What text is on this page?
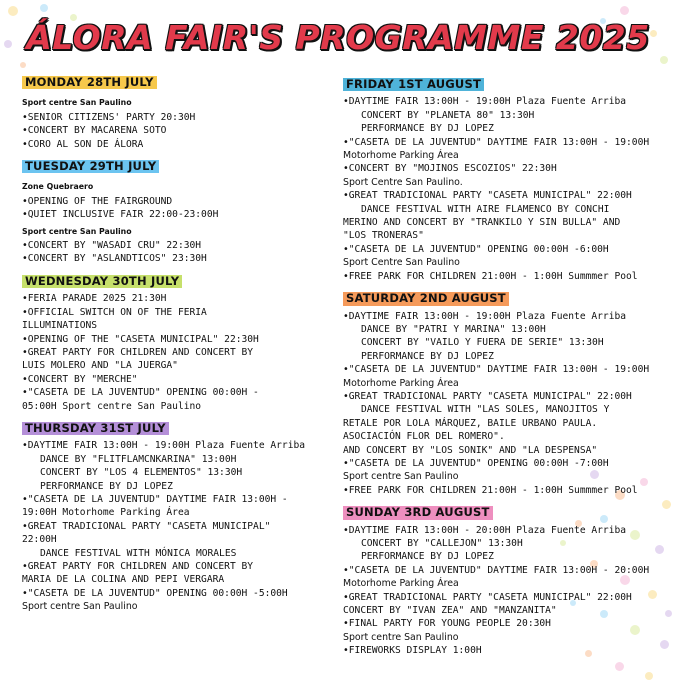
ÁLORA FAIR'S PROGRAMME 2025
MONDAY 28TH JULY
Sport centre San Paulino
• SENIOR CITIZENS' PARTY 20:30H
• CONCERT BY MACARENA SOTO
• CORO AL SON DE ÁLORA
TUESDAY 29TH JULY
Zone Quebraero
• OPENING OF THE FAIRGROUND
• QUIET INCLUSIVE FAIR 22:00-23:00H
Sport centre San Paulino
• CONCERT BY "WASADI CRU" 22:30H
• CONCERT BY "ASLANDTICOS" 23:30H
WEDNESDAY 30TH JULY
• FERIA PARADE 2025 21:30H
• OFFICIAL SWITCH ON OF THE FERIA
ILLUMINATIONS
• OPENING OF THE "CASETA MUNICIPAL" 22:30H
• GREAT PARTY FOR CHILDREN AND CONCERT BY
LUIS MOLERO AND "LA JUERGA"
• CONCERT BY "MERCHE"
• "CASETA DE LA JUVENTUD" OPENING 00:00H -
05:00H Sport centre San Paulino
THURSDAY 31ST JULY
• DAYTIME FAIR 13:00H - 19:00H Plaza Fuente Arriba
DANCE BY "FLITFLAMCNKARINA" 13:00H
CONCERT BY "LOS 4 ELEMENTOS" 13:30H
PERFORMANCE BY DJ LOPEZ
• "CASETA DE LA JUVENTUD" DAYTIME FAIR 13:00H -
19:00H Motorhome Parking Área
• GREAT TRADICIONAL PARTY "CASETA MUNICIPAL"
22:00H
DANCE FESTIVAL WITH MÓNICA MORALES
• GREAT PARTY FOR CHILDREN AND CONCERT BY
MARIA DE LA COLINA AND PEPI VERGARA
• "CASETA DE LA JUVENTUD" OPENING 00:00H -5:00H
Sport centre San Paulino
FRIDAY 1ST AUGUST
• DAYTIME FAIR 13:00H - 19:00H Plaza Fuente Arriba
CONCERT BY "PLANETA 80" 13:30H
PERFORMANCE BY DJ LOPEZ
• "CASETA DE LA JUVENTUD" DAYTIME FAIR 13:00H - 19:00H
Motorhome Parking Área
• CONCERT BY "MOJINOS ESCOZIOS" 22:30H
Sport Centre San Paulino.
• GREAT TRADICIONAL PARTY "CASETA MUNICIPAL" 22:00H
DANCE FESTIVAL WITH AIRE FLAMENCO BY CONCHI
MERINO AND CONCERT BY "TRANKILO Y SIN BULLA" AND
"LOS TRONERAS"
• "CASETA DE LA JUVENTUD" OPENING 00:00H -6:00H
Sport Centre San Paulino
• FREE PARK FOR CHILDREN 21:00H - 1:00H Summmer Pool
SATURDAY 2ND AUGUST
• DAYTIME FAIR 13:00H - 19:00H Plaza Fuente Arriba
DANCE BY "PATRI Y MARINA" 13:00H
CONCERT BY "VAILO Y FUERA DE SERIE" 13:30H
PERFORMANCE BY DJ LOPEZ
• "CASETA DE LA JUVENTUD" DAYTIME FAIR 13:00H - 19:00H
Motorhome Parking Área
• GREAT TRADICIONAL PARTY "CASETA MUNICIPAL" 22:00H
DANCE FESTIVAL WITH "LAS SOLES, MANOJITOS Y
RETALE POR LOLA MÁRQUEZ, BAILE URBANO PAULA.
ASOCIACIÓN FLOR DEL ROMERO".
AND CONCERT BY "LOS SONIK" AND "LA DESPENSA"
• "CASETA DE LA JUVENTUD" OPENING 00:00H -7:00H
Sport centre San Paulino
• FREE PARK FOR CHILDREN 21:00H - 1:00H Summmer Pool
SUNDAY 3RD AUGUST
• DAYTIME FAIR 13:00H - 20:00H Plaza Fuente Arriba
CONCERT BY "CALLEJON" 13:30H
PERFORMANCE BY DJ LOPEZ
• "CASETA DE LA JUVENTUD" DAYTIME FAIR 13:00H - 20:00H
Motorhome Parking Área
• GREAT TRADICIONAL PARTY "CASETA MUNICIPAL" 22:00H
CONCERT BY "IVAN ZEA" AND "MANZANITA"
• FINAL PARTY FOR YOUNG PEOPLE 20:30H
Sport centre San Paulino
• FIREWORKS DISPLAY 1:00H
